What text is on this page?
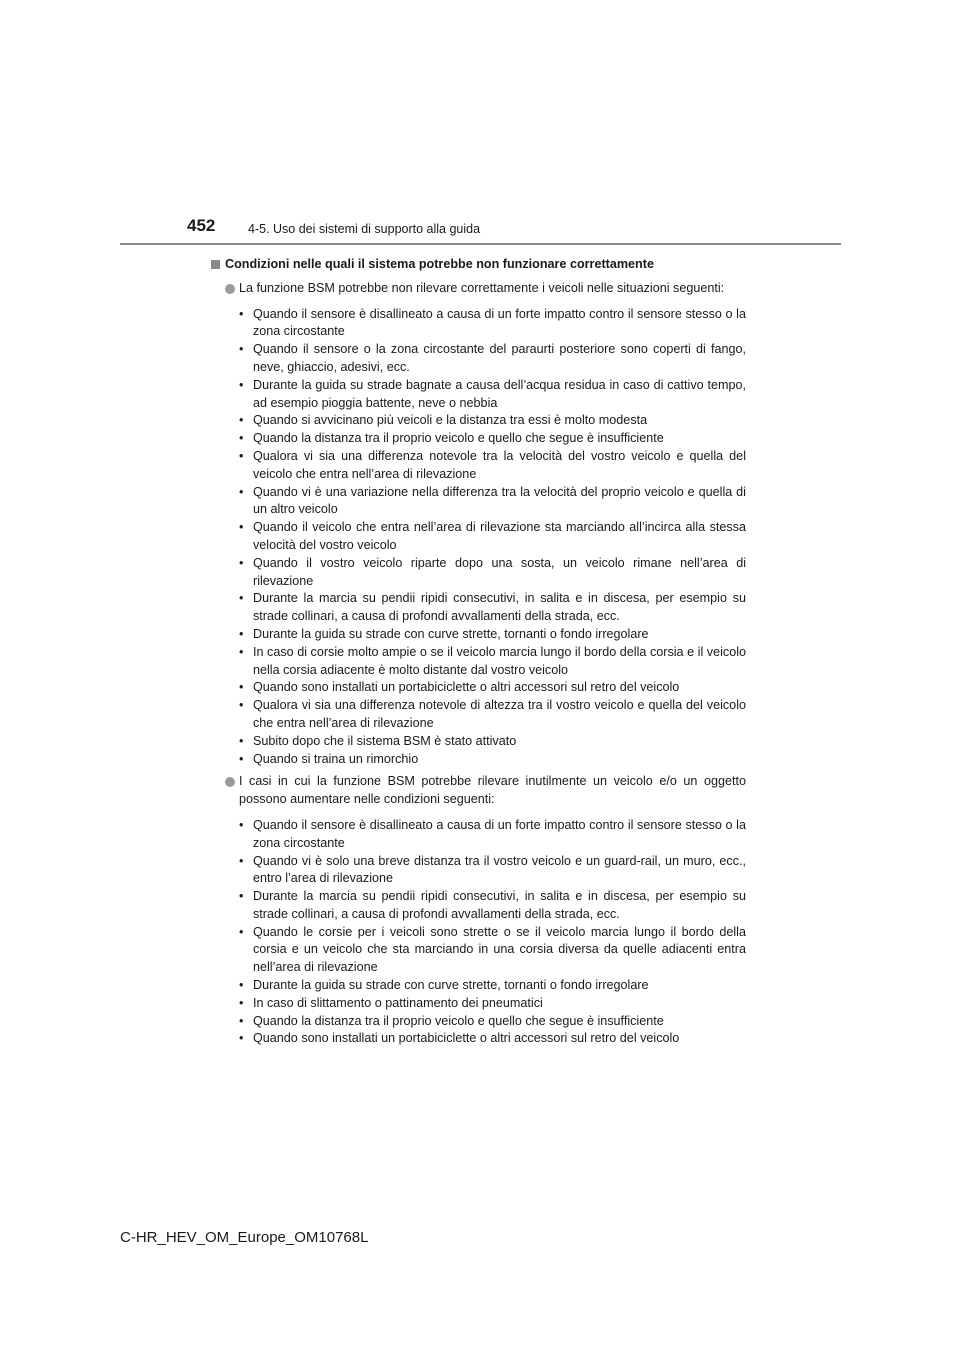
452	4-5. Uso dei sistemi di supporto alla guida
Condizioni nelle quali il sistema potrebbe non funzionare correttamente
La funzione BSM potrebbe non rilevare correttamente i veicoli nelle situazioni seguenti:
• Quando il sensore è disallineato a causa di un forte impatto contro il sensore stesso o la zona circostante
• Quando il sensore o la zona circostante del paraurti posteriore sono coperti di fango, neve, ghiaccio, adesivi, ecc.
• Durante la guida su strade bagnate a causa dell’acqua residua in caso di cattivo tempo, ad esempio pioggia battente, neve o nebbia
• Quando si avvicinano più veicoli e la distanza tra essi è molto modesta
• Quando la distanza tra il proprio veicolo e quello che segue è insufficiente
• Qualora vi sia una differenza notevole tra la velocità del vostro veicolo e quella del veicolo che entra nell’area di rilevazione
• Quando vi è una variazione nella differenza tra la velocità del proprio veicolo e quella di un altro veicolo
• Quando il veicolo che entra nell’area di rilevazione sta marciando all’incirca alla stessa velocità del vostro veicolo
• Quando il vostro veicolo riparte dopo una sosta, un veicolo rimane nell’area di rilevazione
• Durante la marcia su pendii ripidi consecutivi, in salita e in discesa, per esempio su strade collinari, a causa di profondi avvallamenti della strada, ecc.
• Durante la guida su strade con curve strette, tornanti o fondo irregolare
• In caso di corsie molto ampie o se il veicolo marcia lungo il bordo della corsia e il veicolo nella corsia adiacente è molto distante dal vostro veicolo
• Quando sono installati un portabiciclette o altri accessori sul retro del veicolo
• Qualora vi sia una differenza notevole di altezza tra il vostro veicolo e quella del veicolo che entra nell’area di rilevazione
• Subito dopo che il sistema BSM è stato attivato
• Quando si traina un rimorchio
I casi in cui la funzione BSM potrebbe rilevare inutilmente un veicolo e/o un oggetto possono aumentare nelle condizioni seguenti:
• Quando il sensore è disallineato a causa di un forte impatto contro il sensore stesso o la zona circostante
• Quando vi è solo una breve distanza tra il vostro veicolo e un guard-rail, un muro, ecc., entro l’area di rilevazione
• Durante la marcia su pendii ripidi consecutivi, in salita e in discesa, per esempio su strade collinari, a causa di profondi avvallamenti della strada, ecc.
• Quando le corsie per i veicoli sono strette o se il veicolo marcia lungo il bordo della corsia e un veicolo che sta marciando in una corsia diversa da quelle adiacenti entra nell’area di rilevazione
• Durante la guida su strade con curve strette, tornanti o fondo irregolare
• In caso di slittamento o pattinamento dei pneumatici
• Quando la distanza tra il proprio veicolo e quello che segue è insufficiente
• Quando sono installati un portabiciclette o altri accessori sul retro del veicolo
C-HR_HEV_OM_Europe_OM10768L
